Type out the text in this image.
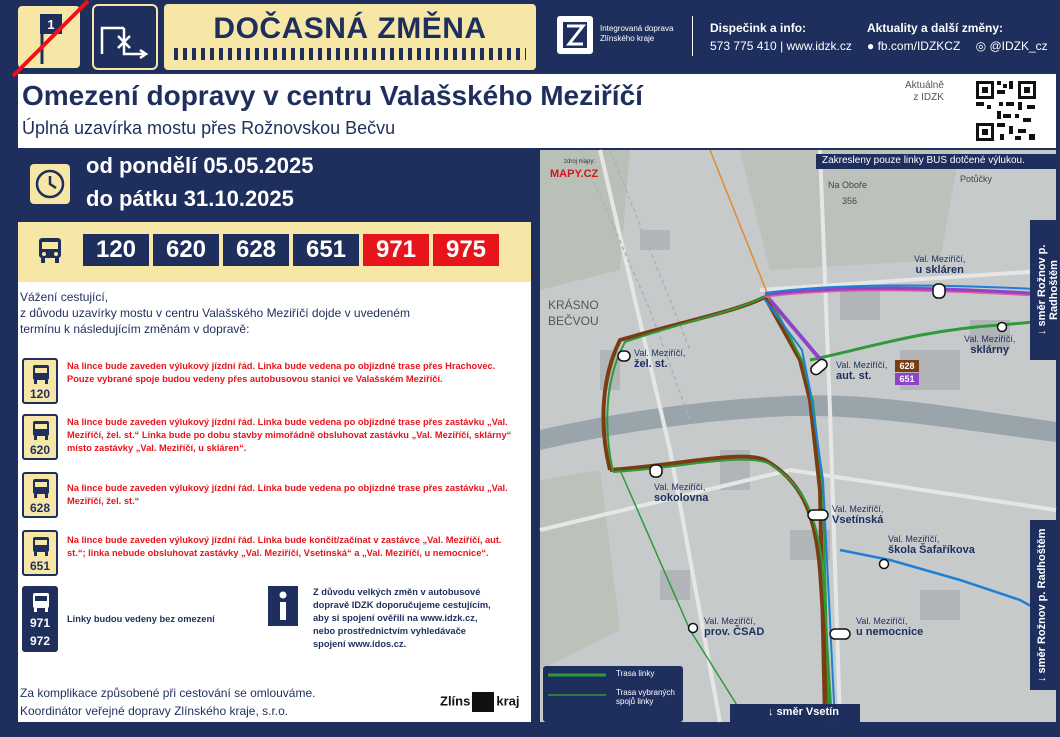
1	DOČASNÁ ZMĚNA	Integrovaná doprava
Zlínského kraje
Dispečink a info:
573 775 410 | www.idzk.cz
Aktuality a další změny:
● fb.com/IDZKCZ ◎ @IDZK_cz
Omezení dopravy v centru Valašského Meziříčí
Úplná uzavírka mostu přes Rožnovskou Bečvu
Aktuálně
z IDZK
od pondělí 05.05.2025
do pátku 31.10.2025
120	620	628	651	971	975
Vážení cestující,
z důvodu uzavírky mostu v centru Valašského Meziříčí dojde v uvedeném
termínu k následujícím změnám v dopravě:
120
Na lince bude zaveden výlukový jízdní řád. Linka bude vedena po objízdné trase přes Hrachovec. Pouze vybrané spoje budou vedeny přes autobusovou stanici ve Valašském Meziříčí.
620
Na lince bude zaveden výlukový jízdní řád. Linka bude vedena po objízdné trase přes zastávku „Val. Meziříčí, žel. st.“ Linka bude po dobu stavby mimořádně obsluhovat zastávku „Val. Meziříčí, sklárny“ místo zastávky „Val. Meziříčí, u skláren“.
628
Na lince bude zaveden výlukový jízdní řád. Linka bude vedena po objízdné trase přes zastávku „Val. Meziříčí, žel. st.“
651
Na lince bude zaveden výlukový jízdní řád. Linka bude končit/začínat v zastávce „Val. Meziříčí, aut. st.“; linka nebude obsluhovat zastávky „Val. Meziříčí, Vsetínská“ a „Val. Meziříčí, u nemocnice“.
971
972
Linky budou vedeny bez omezení
Z důvodu velkých změn v autobusové
dopravě IDZK doporučujeme cestujícím,
aby si spojení ověřili na www.idzk.cz,
nebo prostřednictvím vyhledávače
spojení www.idos.cz.
Za komplikace způsobené při cestování se omlouváme.
Koordinátor veřejné dopravy Zlínského kraje, s.r.o.
Zlíns kraj
Zakresleny pouze linky BUS dotčené výlukou.
zdroj mapy:
MAPY.CZ
KRÁSNO
BEČVOU
Na Oboře
356
Potůčky
Val. Meziříčí,
u skláren
Val. Meziříčí,
sklárny
Val. Meziříčí,
žel. st.	Val. Meziříčí,
aut. st.
628
651
Val. Meziříčí,
sokolovna
Val. Meziříčí,
Vsetínská
Val. Meziříčí,
škola Šafaříkova
Val. Meziříčí,
prov. ČSAD
Val. Meziříčí,
u nemocnice
Trasa linky
Trasa vybraných
spojů linky
↓ směr Vsetín
↓ směr Rožnov p. Radhoštěm
↓ směr Rožnov p. Radhoštěm
